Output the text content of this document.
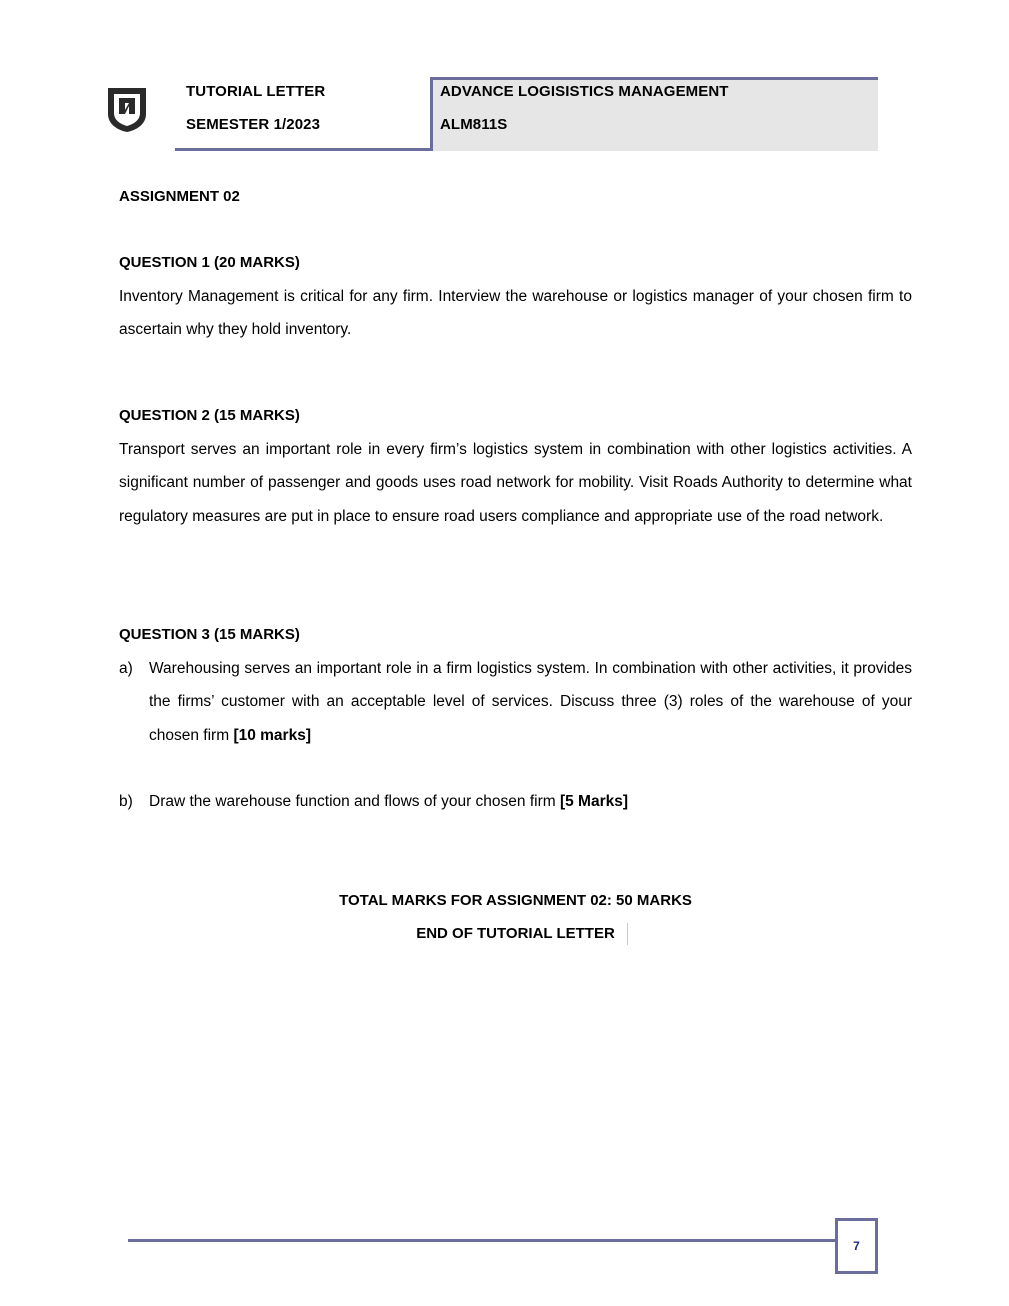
TUTORIAL LETTER
SEMESTER 1/2023
ADVANCE LOGISISTICS MANAGEMENT
ALM811S
ASSIGNMENT 02
QUESTION 1 (20 MARKS)
Inventory Management is critical for any firm. Interview the warehouse or logistics manager of your chosen firm to ascertain why they hold inventory.
QUESTION 2 (15 MARKS)
Transport serves an important role in every firm’s logistics system in combination with other logistics activities. A significant number of passenger and goods uses road network for mobility. Visit Roads Authority to determine what regulatory measures are put in place to ensure road users compliance and appropriate use of the road network.
QUESTION 3 (15 MARKS)
a) Warehousing serves an important role in a firm logistics system. In combination with other activities, it provides the firms’ customer with an acceptable level of services. Discuss three (3) roles of the warehouse of your chosen firm [10 marks]
b) Draw the warehouse function and flows of your chosen firm [5 Marks]
TOTAL MARKS FOR ASSIGNMENT 02: 50 MARKS
END OF TUTORIAL LETTER
7
